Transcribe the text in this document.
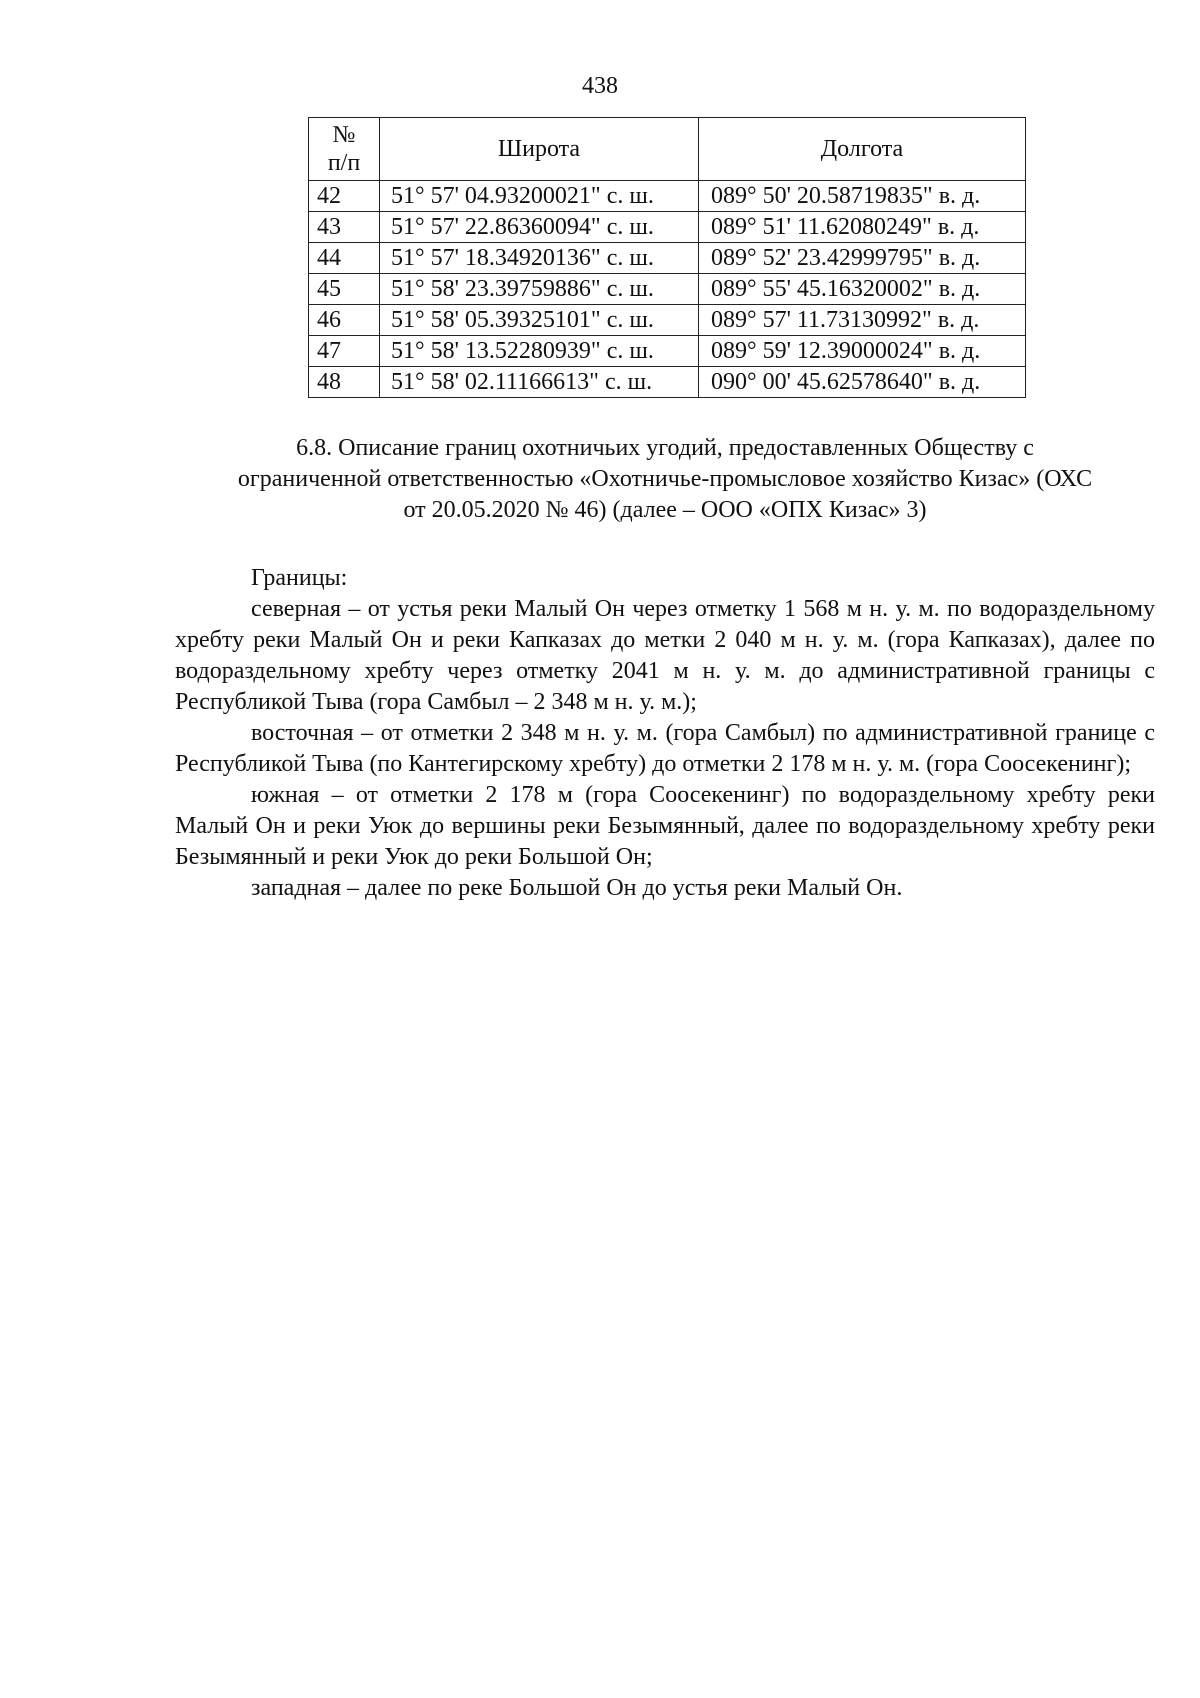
438
№
п/п	Широта	Долгота
42	51° 57' 04.93200021" с. ш.	089° 50' 20.58719835" в. д.
43	51° 57' 22.86360094" с. ш.	089° 51' 11.62080249" в. д.
44	51° 57' 18.34920136" с. ш.	089° 52' 23.42999795" в. д.
45	51° 58' 23.39759886" с. ш.	089° 55' 45.16320002" в. д.
46	51° 58' 05.39325101" с. ш.	089° 57' 11.73130992" в. д.
47	51° 58' 13.52280939" с. ш.	089° 59' 12.39000024" в. д.
48	51° 58' 02.11166613" с. ш.	090° 00' 45.62578640" в. д.
6.8. Описание границ охотничьих угодий, предоставленных Обществу с
ограниченной ответственностью «Охотничье-промысловое хозяйство Кизас» (ОХС
от 20.05.2020 № 46) (далее – ООО «ОПХ Кизас» 3)

Границы:

северная – от устья реки Малый Он через отметку 1 568 м н. у. м. по водораздельному хребту реки Малый Он и реки Капказах до метки 2 040 м н. у. м. (гора Капказах), далее по водораздельному хребту через отметку 2041 м н. у. м. до административной границы с Республикой Тыва (гора Самбыл – 2 348 м н. у. м.);

восточная – от отметки 2 348 м н. у. м. (гора Самбыл) по административной границе с Республикой Тыва (по Кантегирскому хребту) до отметки 2 178 м н. у. м. (гора Соосекенинг);

южная – от отметки 2 178 м (гора Соосекенинг) по водораздельному хребту реки Малый Он и реки Уюк до вершины реки Безымянный, далее по водораздельному хребту реки Безымянный и реки Уюк до реки Большой Он;

западная – далее по реке Большой Он до устья реки Малый Он.
